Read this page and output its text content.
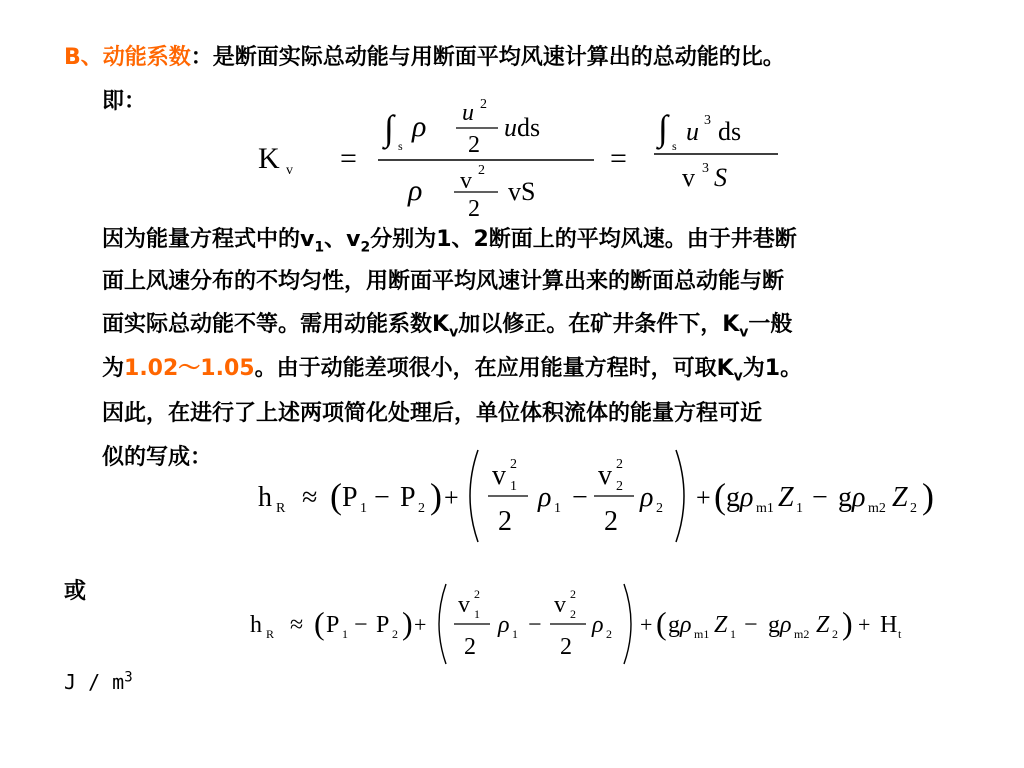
B、动能系数：是断面实际总动能与用断面平均风速计算出的总动能的比。
即：
K v =
∫ s
ρ u 2
2
uds
ρ v 2
2
vS
=
∫ s u 3 ds
v 3 S
因为能量方程式中的$v_1$、$v_2$分别为1、2断面上的平均风速。由于井巷断
面上风速分布的不均匀性，用断面平均风速计算出来的断面总动能与断
面实际总动能不等。需用动能系数$K_v$加以修正。在矿井条件下，$K_v$一般
为1.02～1.05。由于动能差项很小，在应用能量方程时，可取$K_v$为1。
因此，在进行了上述两项简化处理后，单位体积流体的能量方程可近
似的写成：
h R ≈ ( P 1 − P 2 ) +
v 2
1
2
ρ 1 −
v 2
2
2
ρ 2 + ( g ρ m1 Z 1 − g ρ m2 Z 2 )
或
h R ≈ ( P 1 − P 2 ) +
v 2
1
2
ρ 1 −
v 2
2
2
ρ 2 + ( g ρ m1 Z 1 − g ρ m2 Z 2 ) + H t
J / $m^3$
